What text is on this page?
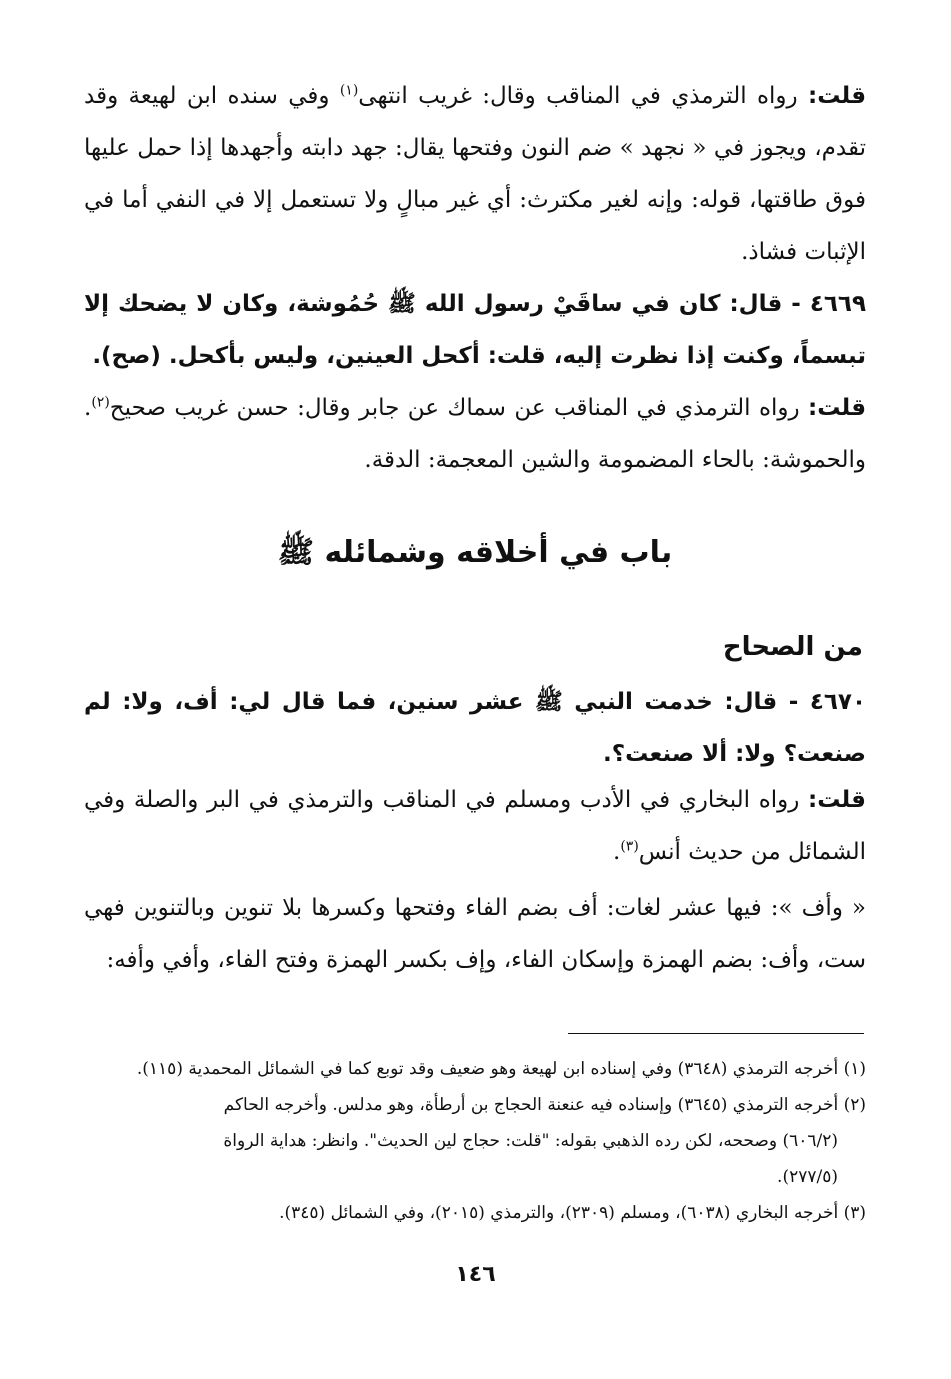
قلت: رواه الترمذي في المناقب وقال: غريب انتهى$^{(١)}$ وفي سنده ابن لهيعة وقد تقدم، ويجوز في « نجهد » ضم النون وفتحها يقال: جهد دابته وأجهدها إذا حمل عليها فوق طاقتها، قوله: وإنه لغير مكترث: أي غير مبالٍ ولا تستعمل إلا في النفي أما في الإثبات فشاذ.
٤٦٦٩ - قال: كان في ساقَيْ رسول الله ﷺ حُمُوشة، وكان لا يضحك إلا تبسماً، وكنت إذا نظرت إليه، قلت: أكحل العينين، وليس بأكحل. (صح).
قلت: رواه الترمذي في المناقب عن سماك عن جابر وقال: حسن غريب صحيح$^{(٢)}$. والحموشة: بالحاء المضمومة والشين المعجمة: الدقة.
باب في أخلاقه وشمائله ﷺ
من الصحاح
٤٦٧٠ - قال: خدمت النبي ﷺ عشر سنين، فما قال لي: أف، ولا: لم صنعت؟ ولا: ألا صنعت؟.
قلت: رواه البخاري في الأدب ومسلم في المناقب والترمذي في البر والصلة وفي الشمائل من حديث أنس$^{(٣)}$.
« وأف »: فيها عشر لغات: أف بضم الفاء وفتحها وكسرها بلا تنوين وبالتنوين فهي ست، وأف: بضم الهمزة وإسكان الفاء، وإف بكسر الهمزة وفتح الفاء، وأفي وأفه:

(١) أخرجه الترمذي (٣٦٤٨) وفي إسناده ابن لهيعة وهو ضعيف وقد توبع كما في الشمائل المحمدية (١١٥).

(٢) أخرجه الترمذي (٣٦٤٥) وإسناده فيه عنعنة الحجاج بن أرطأة، وهو مدلس. وأخرجه الحاكم

(٦٠٦/٢) وصححه، لكن رده الذهبي بقوله: "قلت: حجاج لين الحديث". وانظر: هداية الرواة

(٢٧٧/٥).

(٣) أخرجه البخاري (٦٠٣٨)، ومسلم (٢٣٠٩)، والترمذي (٢٠١٥)، وفي الشمائل (٣٤٥).

١٤٦
